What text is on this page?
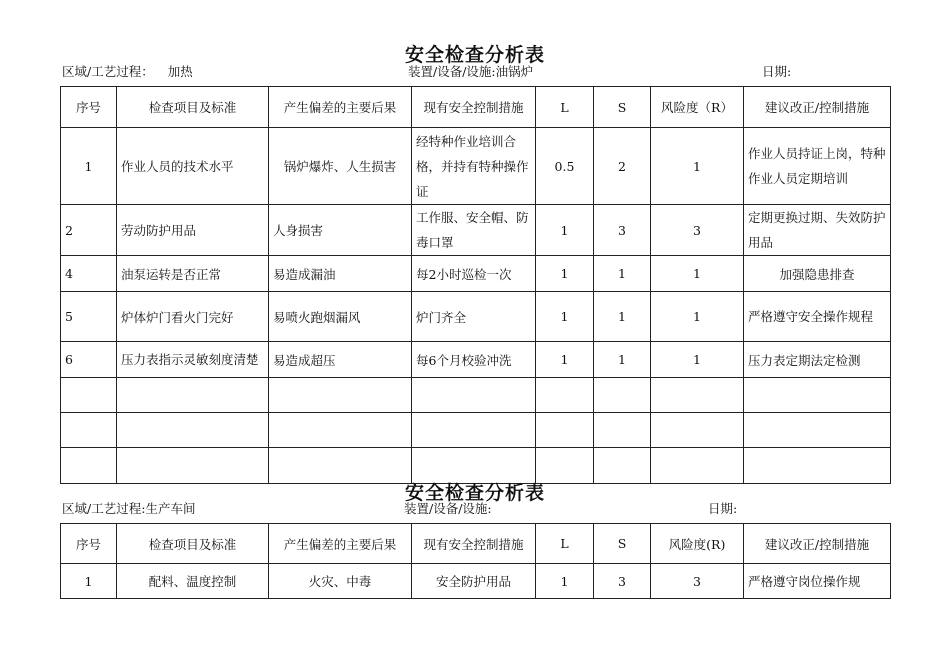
安全检查分析表
区域/工艺过程： 加热	装置/设备/设施:油锅炉	日期:
序号	检查项目及标准	产生偏差的主要后果	现有安全控制措施	L	S	风险度（R）	建议改正/控制措施
1	作业人员的技术水平	锅炉爆炸、人生损害	经特种作业培训合格，并持有特种操作证	0.5	2	1	作业人员持证上岗，特种作业人员定期培训
2	劳动防护用品	人身损害	工作服、安全帽、防毒口罩	1	3	3	定期更换过期、失效防护用品
4	油泵运转是否正常	易造成漏油	每2小时巡检一次	1	1	1	加强隐患排查
5	炉体炉门看火门完好	易喷火跑烟漏风	炉门齐全	1	1	1	严格遵守安全操作规程
6	压力表指示灵敏刻度清楚	易造成超压	每6个月校验冲洗	1	1	1	压力表定期法定检测

安全检查分析表
区域/工艺过程:生产车间	装置/设备/设施:	日期:
序号	检查项目及标准	产生偏差的主要后果	现有安全控制措施	L	S	风险度(R)	建议改正/控制措施
1	配料、温度控制	火灾、中毒	安全防护用品	1	3	3	严格遵守岗位操作规
